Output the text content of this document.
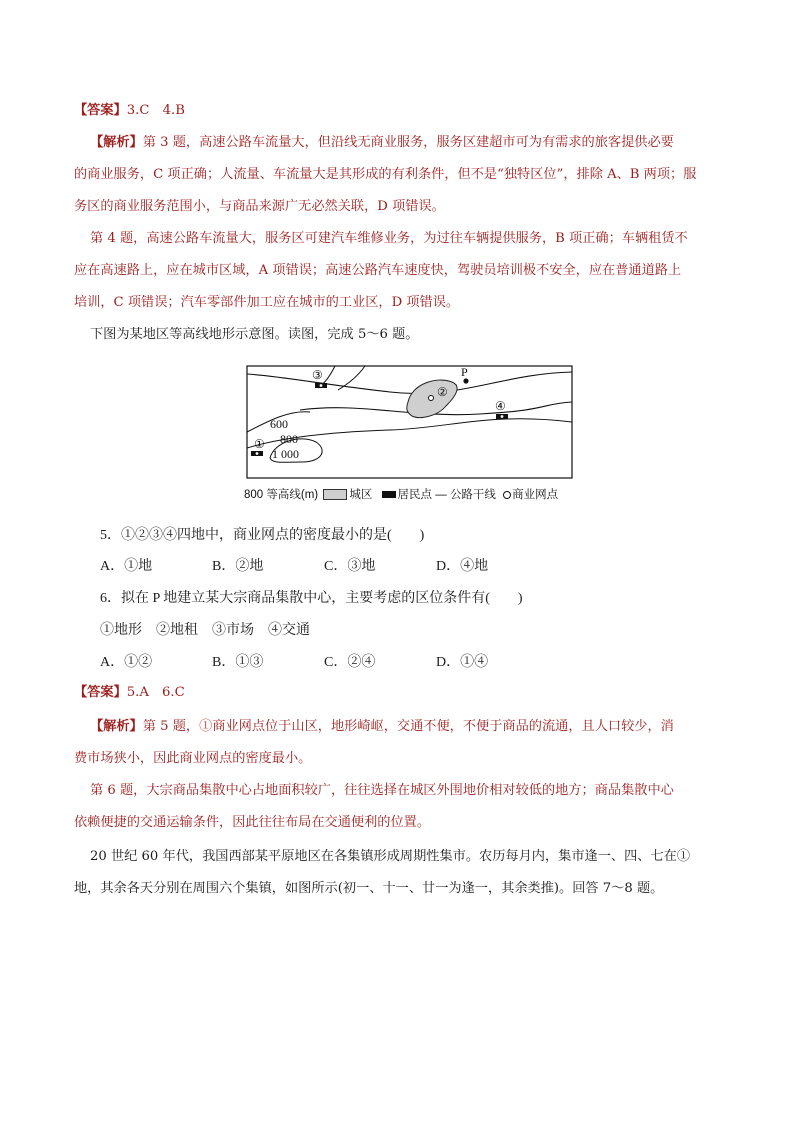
【答案】3.C　4.B

【解析】第 3 题，高速公路车流量大，但沿线无商业服务，服务区建超市可为有需求的旅客提供必要

的商业服务，C 项正确；人流量、车流量大是其形成的有利条件，但不是“独特区位”，排除 A、B 两项；服

务区的商业服务范围小，与商品来源广无必然关联，D 项错误。

第 4 题，高速公路车流量大，服务区可建汽车维修业务，为过往车辆提供服务，B 项正确；车辆租赁不

应在高速路上，应在城市区域，A 项错误；高速公路汽车速度快，驾驶员培训极不安全，应在普通道路上

培训，C 项错误；汽车零部件加工应在城市的工业区，D 项错误。

下图为某地区等高线地形示意图。读图，完成 5～6 题。

P
②
③
④
①
600
800
1 000
800 等高线(m)	城区 居民点 — 公路干线 商业网点
5．①②③④四地中，商业网点的密度最小的是(　　)
A．①地	B．②地	C．③地	D．④地
6．拟在 P 地建立某大宗商品集散中心，主要考虑的区位条件有(　　)
①地形　②地租　③市场　④交通
A．①②	B．①③	C．②④	D．①④

【答案】5.A　6.C

【解析】第 5 题，①商业网点位于山区，地形崎岖，交通不便，不便于商品的流通，且人口较少，消

费市场狭小，因此商业网点的密度最小。

第 6 题，大宗商品集散中心占地面积较广，往往选择在城区外围地价相对较低的地方；商品集散中心

依赖便捷的交通运输条件，因此往往布局在交通便利的位置。

20 世纪 60 年代，我国西部某平原地区在各集镇形成周期性集市。农历每月内，集市逢一、四、七在①

地，其余各天分别在周围六个集镇，如图所示(初一、十一、廿一为逢一，其余类推)。回答 7～8 题。
